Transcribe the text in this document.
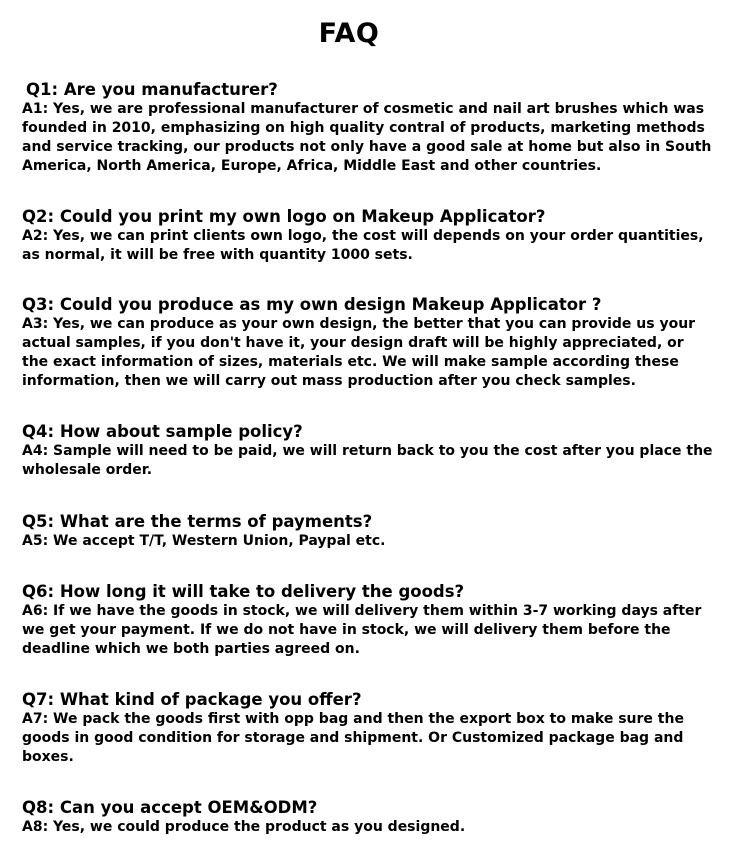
FAQ
Q1: Are you manufacturer?
A1: Yes, we are professional manufacturer of cosmetic and nail art brushes which was
founded in 2010, emphasizing on high quality contral of products, marketing methods
and service tracking, our products not only have a good sale at home but also in South
America, North America, Europe, Africa, Middle East and other countries.
Q2: Could you print my own logo on Makeup Applicator?
A2: Yes, we can print clients own logo, the cost will depends on your order quantities,
as normal, it will be free with quantity 1000 sets.
Q3: Could you produce as my own design Makeup Applicator ?
A3: Yes, we can produce as your own design, the better that you can provide us your
actual samples, if you don't have it, your design draft will be highly appreciated, or
the exact information of sizes, materials etc. We will make sample according these
information, then we will carry out mass production after you check samples.
Q4: How about sample policy?
A4: Sample will need to be paid, we will return back to you the cost after you place the
wholesale order.
Q5: What are the terms of payments?
A5: We accept T/T, Western Union, Paypal etc.
Q6: How long it will take to delivery the goods?
A6: If we have the goods in stock, we will delivery them within 3-7 working days after
we get your payment. If we do not have in stock, we will delivery them before the
deadline which we both parties agreed on.
Q7: What kind of package you offer?
A7: We pack the goods first with opp bag and then the export box to make sure the
goods in good condition for storage and shipment. Or Customized package bag and
boxes.
Q8: Can you accept OEM&ODM?
A8: Yes, we could produce the product as you designed.
